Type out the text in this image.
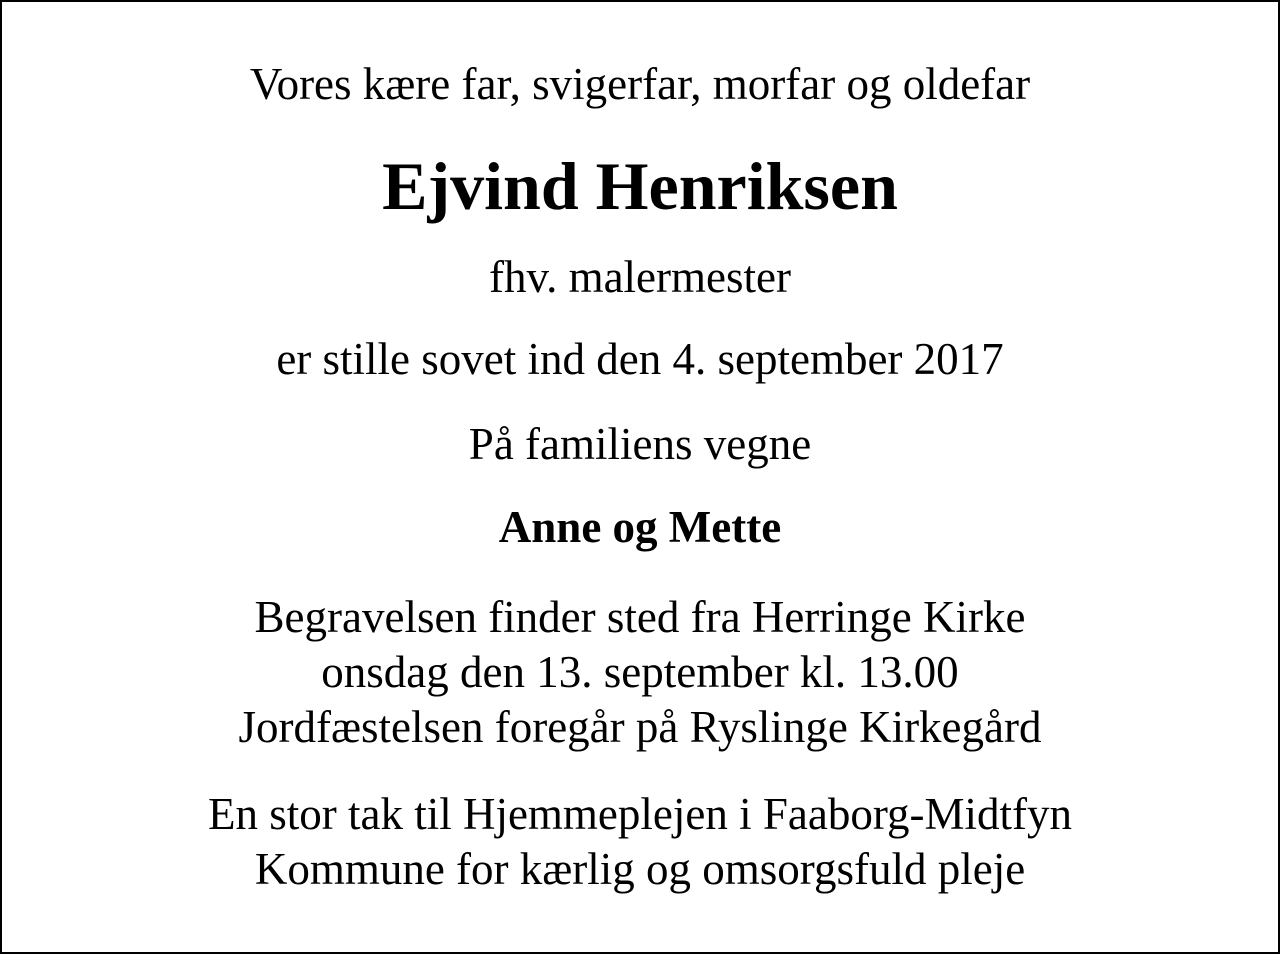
Vores kære far, svigerfar, morfar og oldefar
Ejvind Henriksen
fhv. malermester
er stille sovet ind den 4. september 2017
På familiens vegne
Anne og Mette
Begravelsen finder sted fra Herringe Kirke
onsdag den 13. september kl. 13.00
Jordfæstelsen foregår på Ryslinge Kirkegård
En stor tak til Hjemmeplejen i Faaborg-Midtfyn
Kommune for kærlig og omsorgsfuld pleje
